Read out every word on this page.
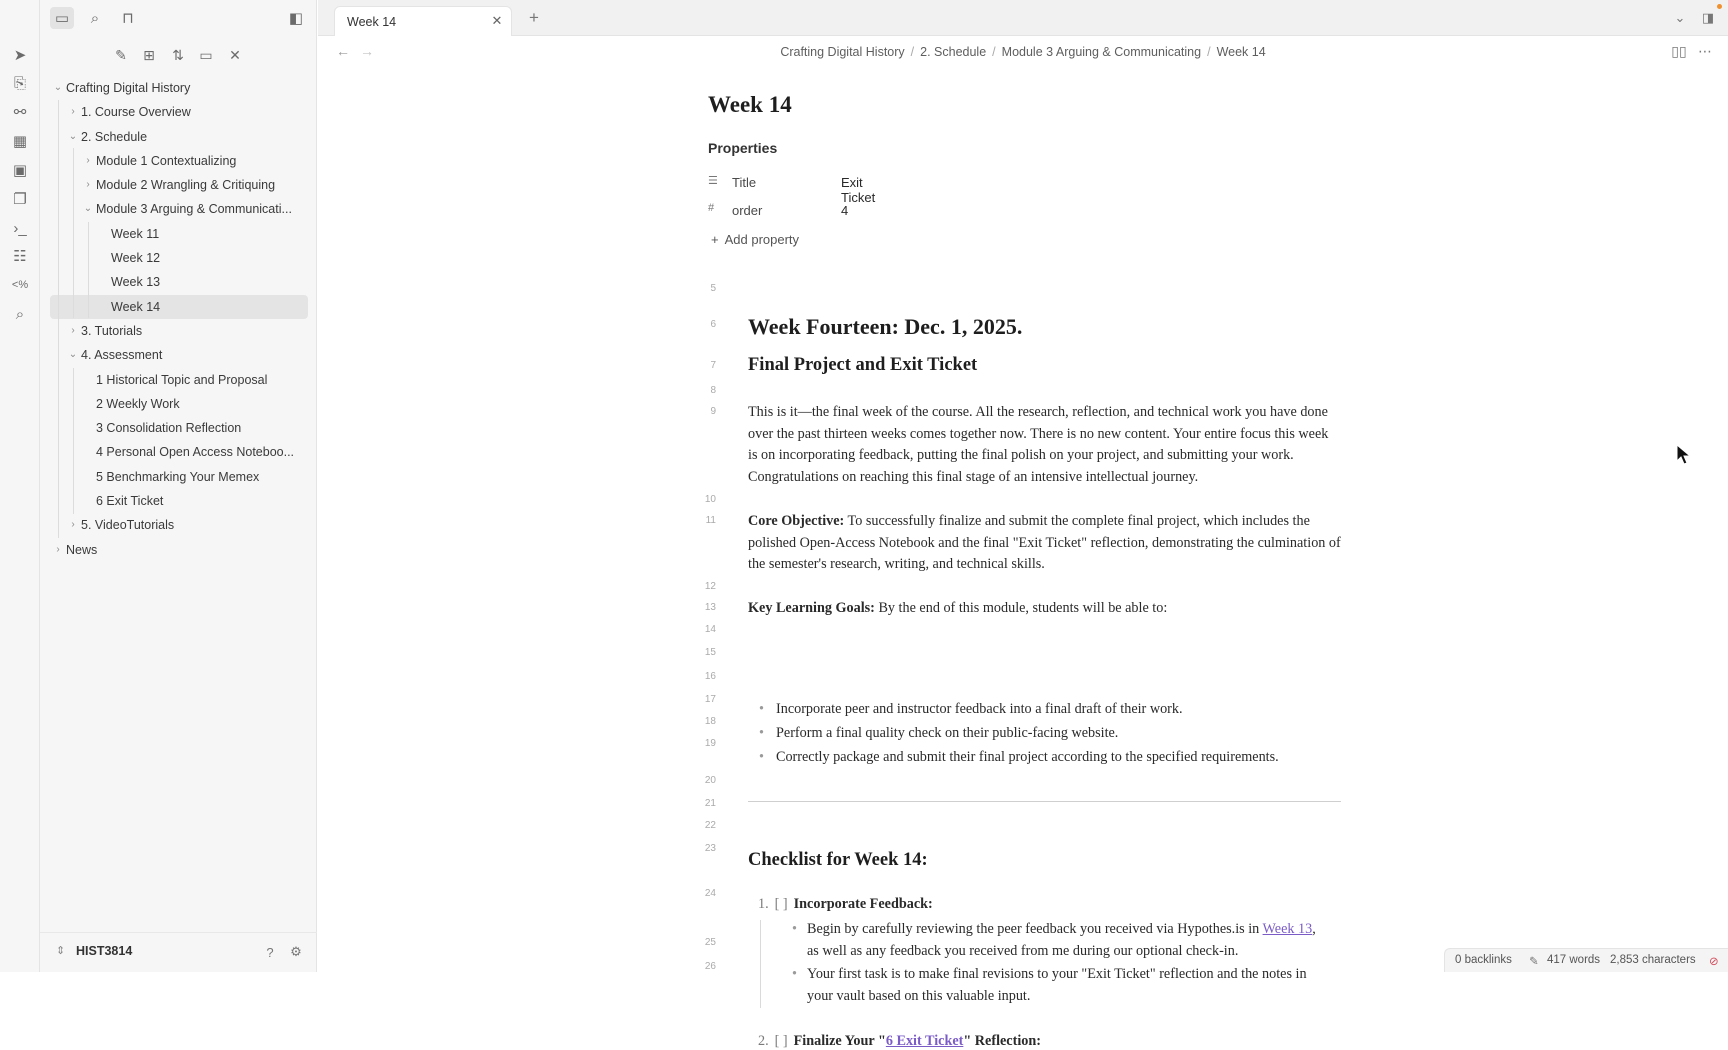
➤
⎘
⚯
▦
▣
❐
›_
☷
<%
⌕
▭	⌕	⊓	◧
✎	⊞	⇅	▭	✕
⌄ Crafting Digital History
› 1. Course Overview
⌄ 2. Schedule
› Module 1 Contextualizing
› Module 2 Wrangling & Critiquing
⌄ Module 3 Arguing & Communicati...
Week 11
Week 12
Week 13
Week 14
› 3. Tutorials
⌄ 4. Assessment
1 Historical Topic and Proposal
2 Weekly Work
3 Consolidation Reflection
4 Personal Open Access Noteboo...
5 Benchmarking Your Memex
6 Exit Ticket
› 5. VideoTutorials
› News
⇕ HIST3814	?	⚙
Week 14	✕ +	⌄	◨
← →	Crafting Digital History / 2. Schedule / Module 3 Arguing & Communicating / Week 14	▯▯ ⋯
Week 14
Properties
☰	Title	Exit Ticket
#	order	4
+ Add property
5
6
7
8
9
10
11
12
13
14
15
16
17
18
19
20
21
22
23
24
25
26
Week Fourteen: Dec. 1, 2025.
Final Project and Exit Ticket
This is it—the final week of the course. All the research, reflection, and technical work you have done over the past thirteen weeks comes together now. There is no new content. Your entire focus this week is on incorporating feedback, putting the final polish on your project, and submitting your work. Congratulations on reaching this final stage of an intensive intellectual journey.
Core Objective: To successfully finalize and submit the complete final project, which includes the polished Open-Access Notebook and the final "Exit Ticket" reflection, demonstrating the culmination of the semester's research, writing, and technical skills.
Key Learning Goals: By the end of this module, students will be able to:
• Incorporate peer and instructor feedback into a final draft of their work.
• Perform a final quality check on their public-facing website.
• Correctly package and submit their final project according to the specified requirements.
Checklist for Week 14:
1. [ ] Incorporate Feedback:
• Begin by carefully reviewing the peer feedback you received via Hypothes.is in Week 13, as well as any feedback you received from me during our optional check-in.
• Your first task is to make final revisions to your "Exit Ticket" reflection and the notes in your vault based on this valuable input.
2. [ ] Finalize Your "6 Exit Ticket" Reflection:
0 backlinks ✎ 417 words 2,853 characters ⊘
